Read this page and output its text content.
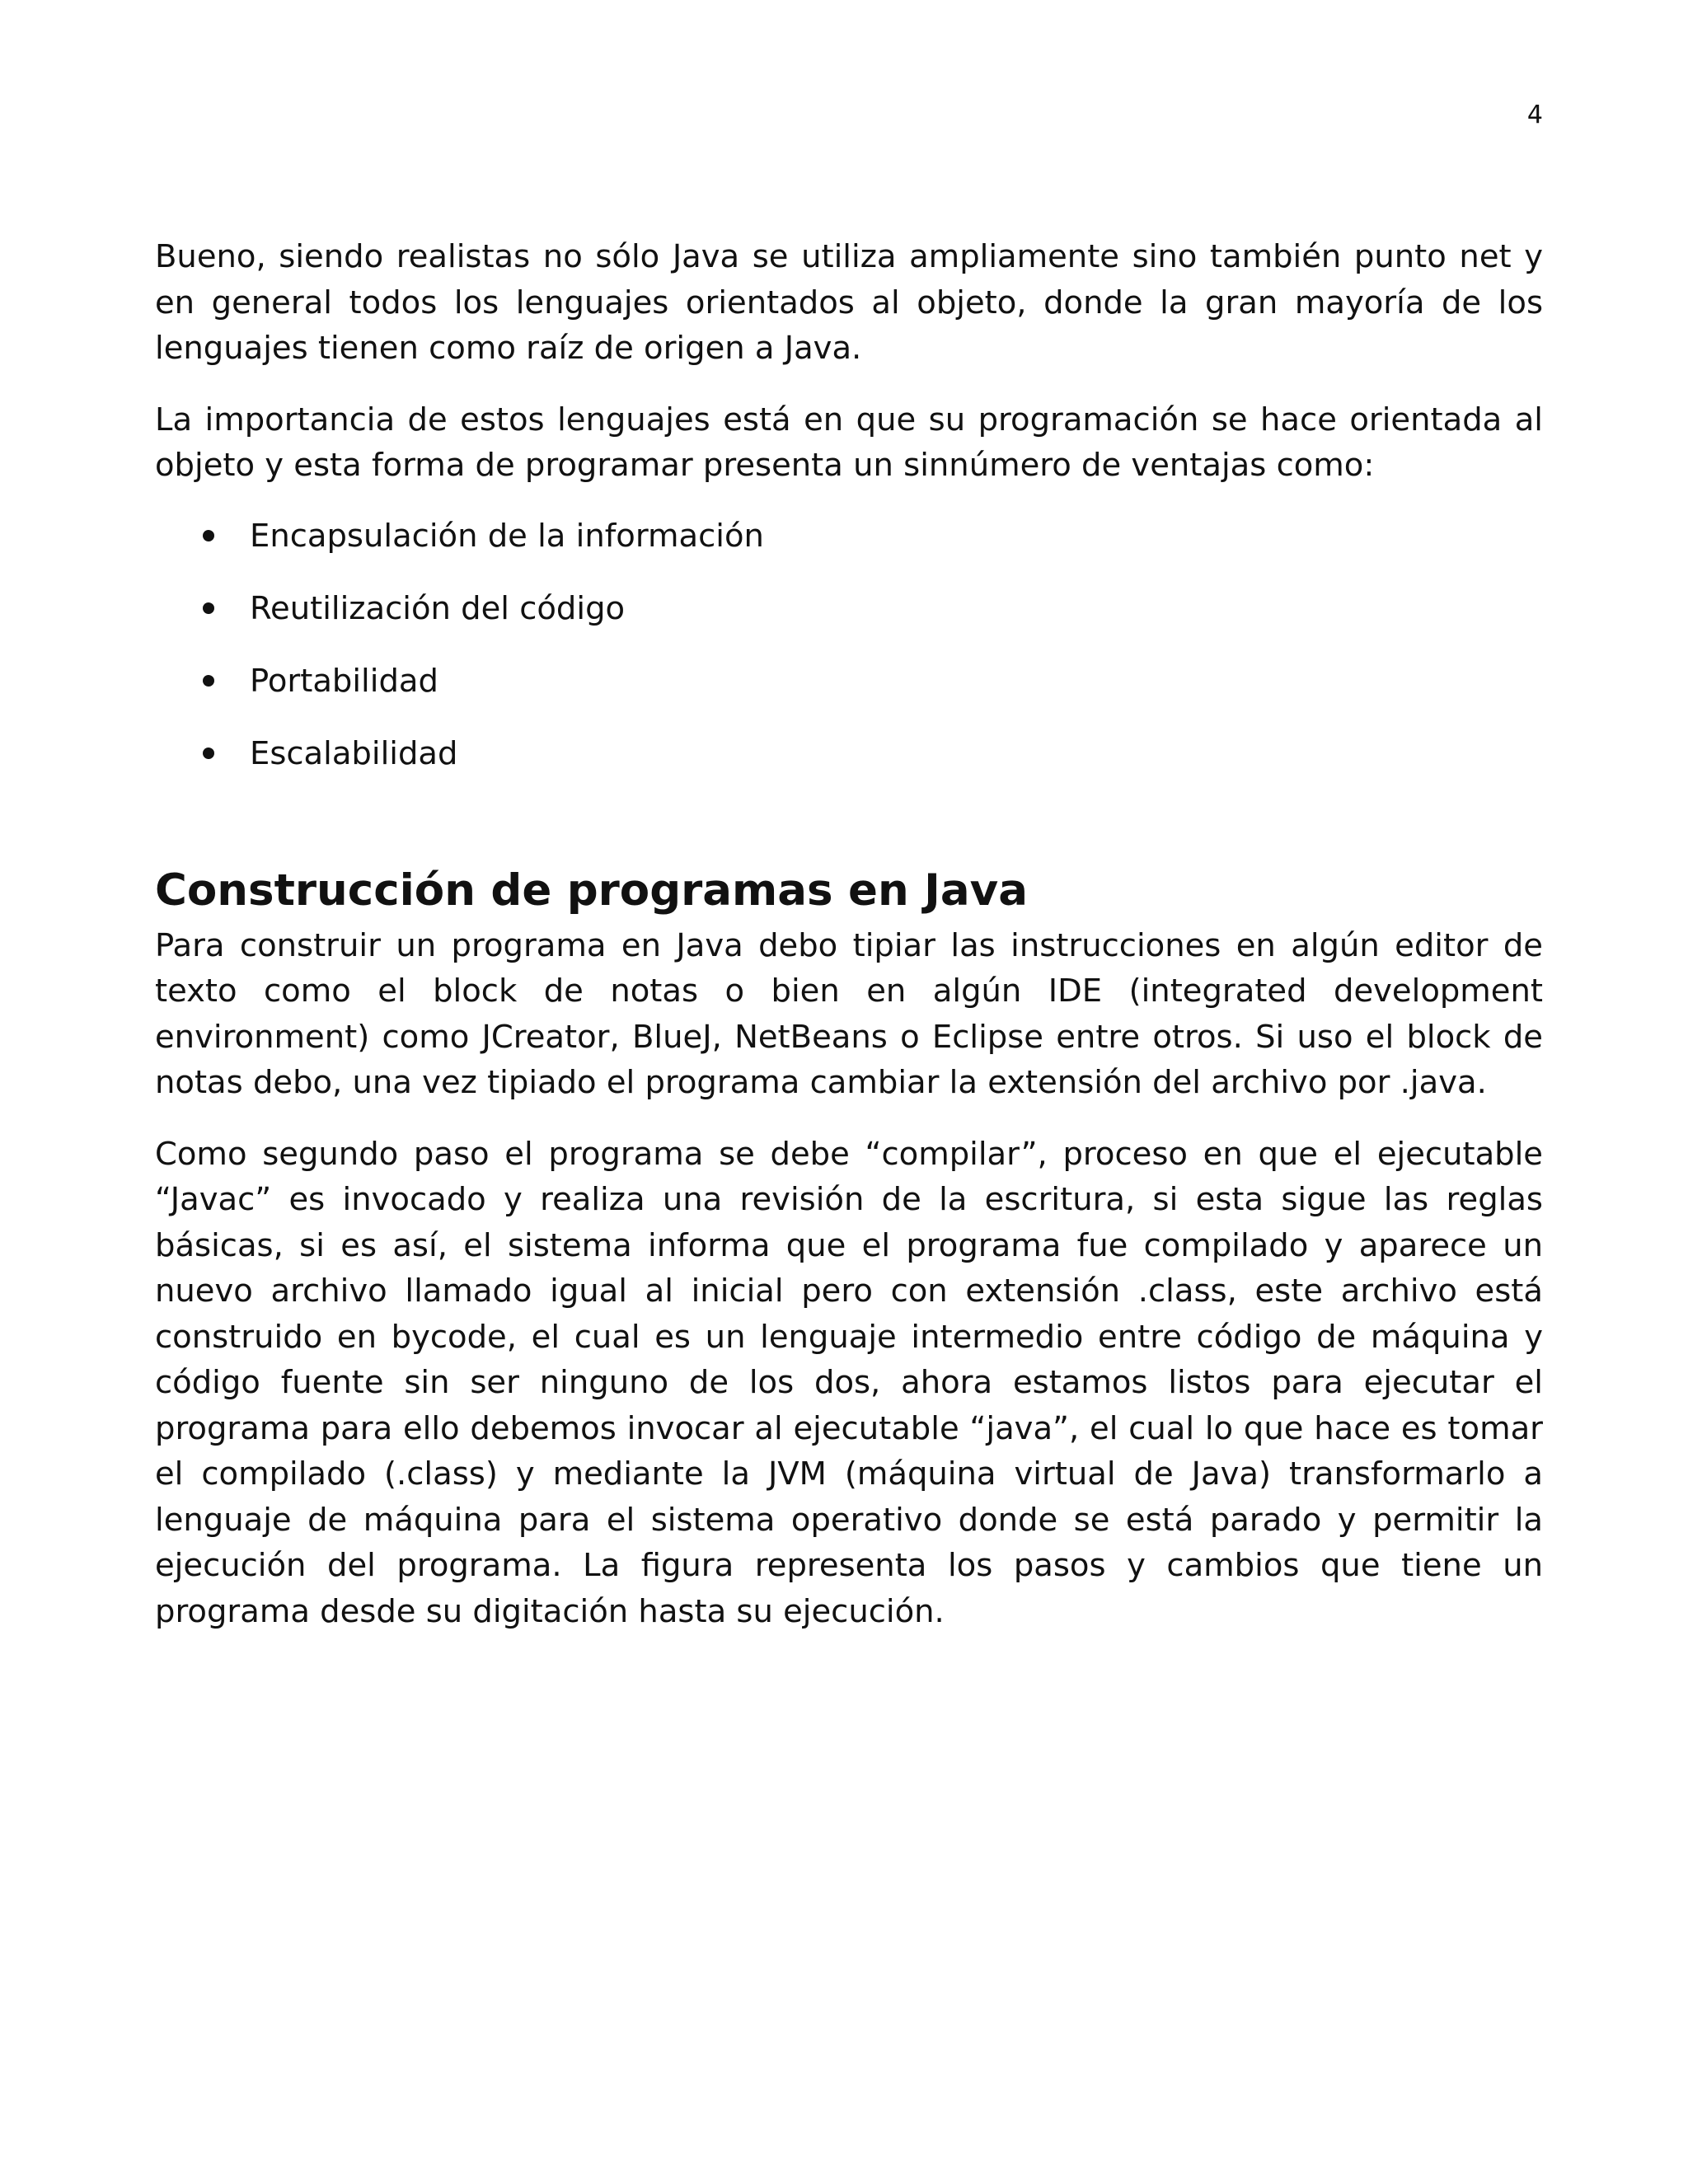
4

Bueno, siendo realistas no sólo Java se utiliza ampliamente sino también punto net y en general todos los lenguajes orientados al objeto, donde la gran mayoría de los lenguajes tienen como raíz de origen a Java.

La importancia de estos lenguajes está en que su programación se hace orientada al objeto y esta forma de programar presenta un sinnúmero de ventajas como:

Encapsulación de la información
Reutilización del código
Portabilidad
Escalabilidad
Construcción de programas en Java

Para construir un programa en Java debo tipiar las instrucciones en algún editor de texto como el block de notas o bien en algún IDE (integrated development environment) como JCreator, BlueJ, NetBeans o Eclipse entre otros. Si uso el block de notas debo, una vez tipiado el programa cambiar la extensión del archivo por .java.

Como segundo paso el programa se debe “compilar”, proceso en que el ejecutable “Javac” es invocado y realiza una revisión de la escritura, si esta sigue las reglas básicas, si es así, el sistema informa que el programa fue compilado y aparece un nuevo archivo llamado igual al inicial pero con extensión .class, este archivo está construido en bycode, el cual es un lenguaje intermedio entre código de máquina y código fuente sin ser ninguno de los dos, ahora estamos listos para ejecutar el programa para ello debemos invocar al ejecutable “java”, el cual lo que hace es tomar el compilado (.class) y mediante la JVM (máquina virtual de Java) transformarlo a lenguaje de máquina para el sistema operativo donde se está parado y permitir la ejecución del programa. La figura representa los pasos y cambios que tiene un programa desde su digitación hasta su ejecución.
